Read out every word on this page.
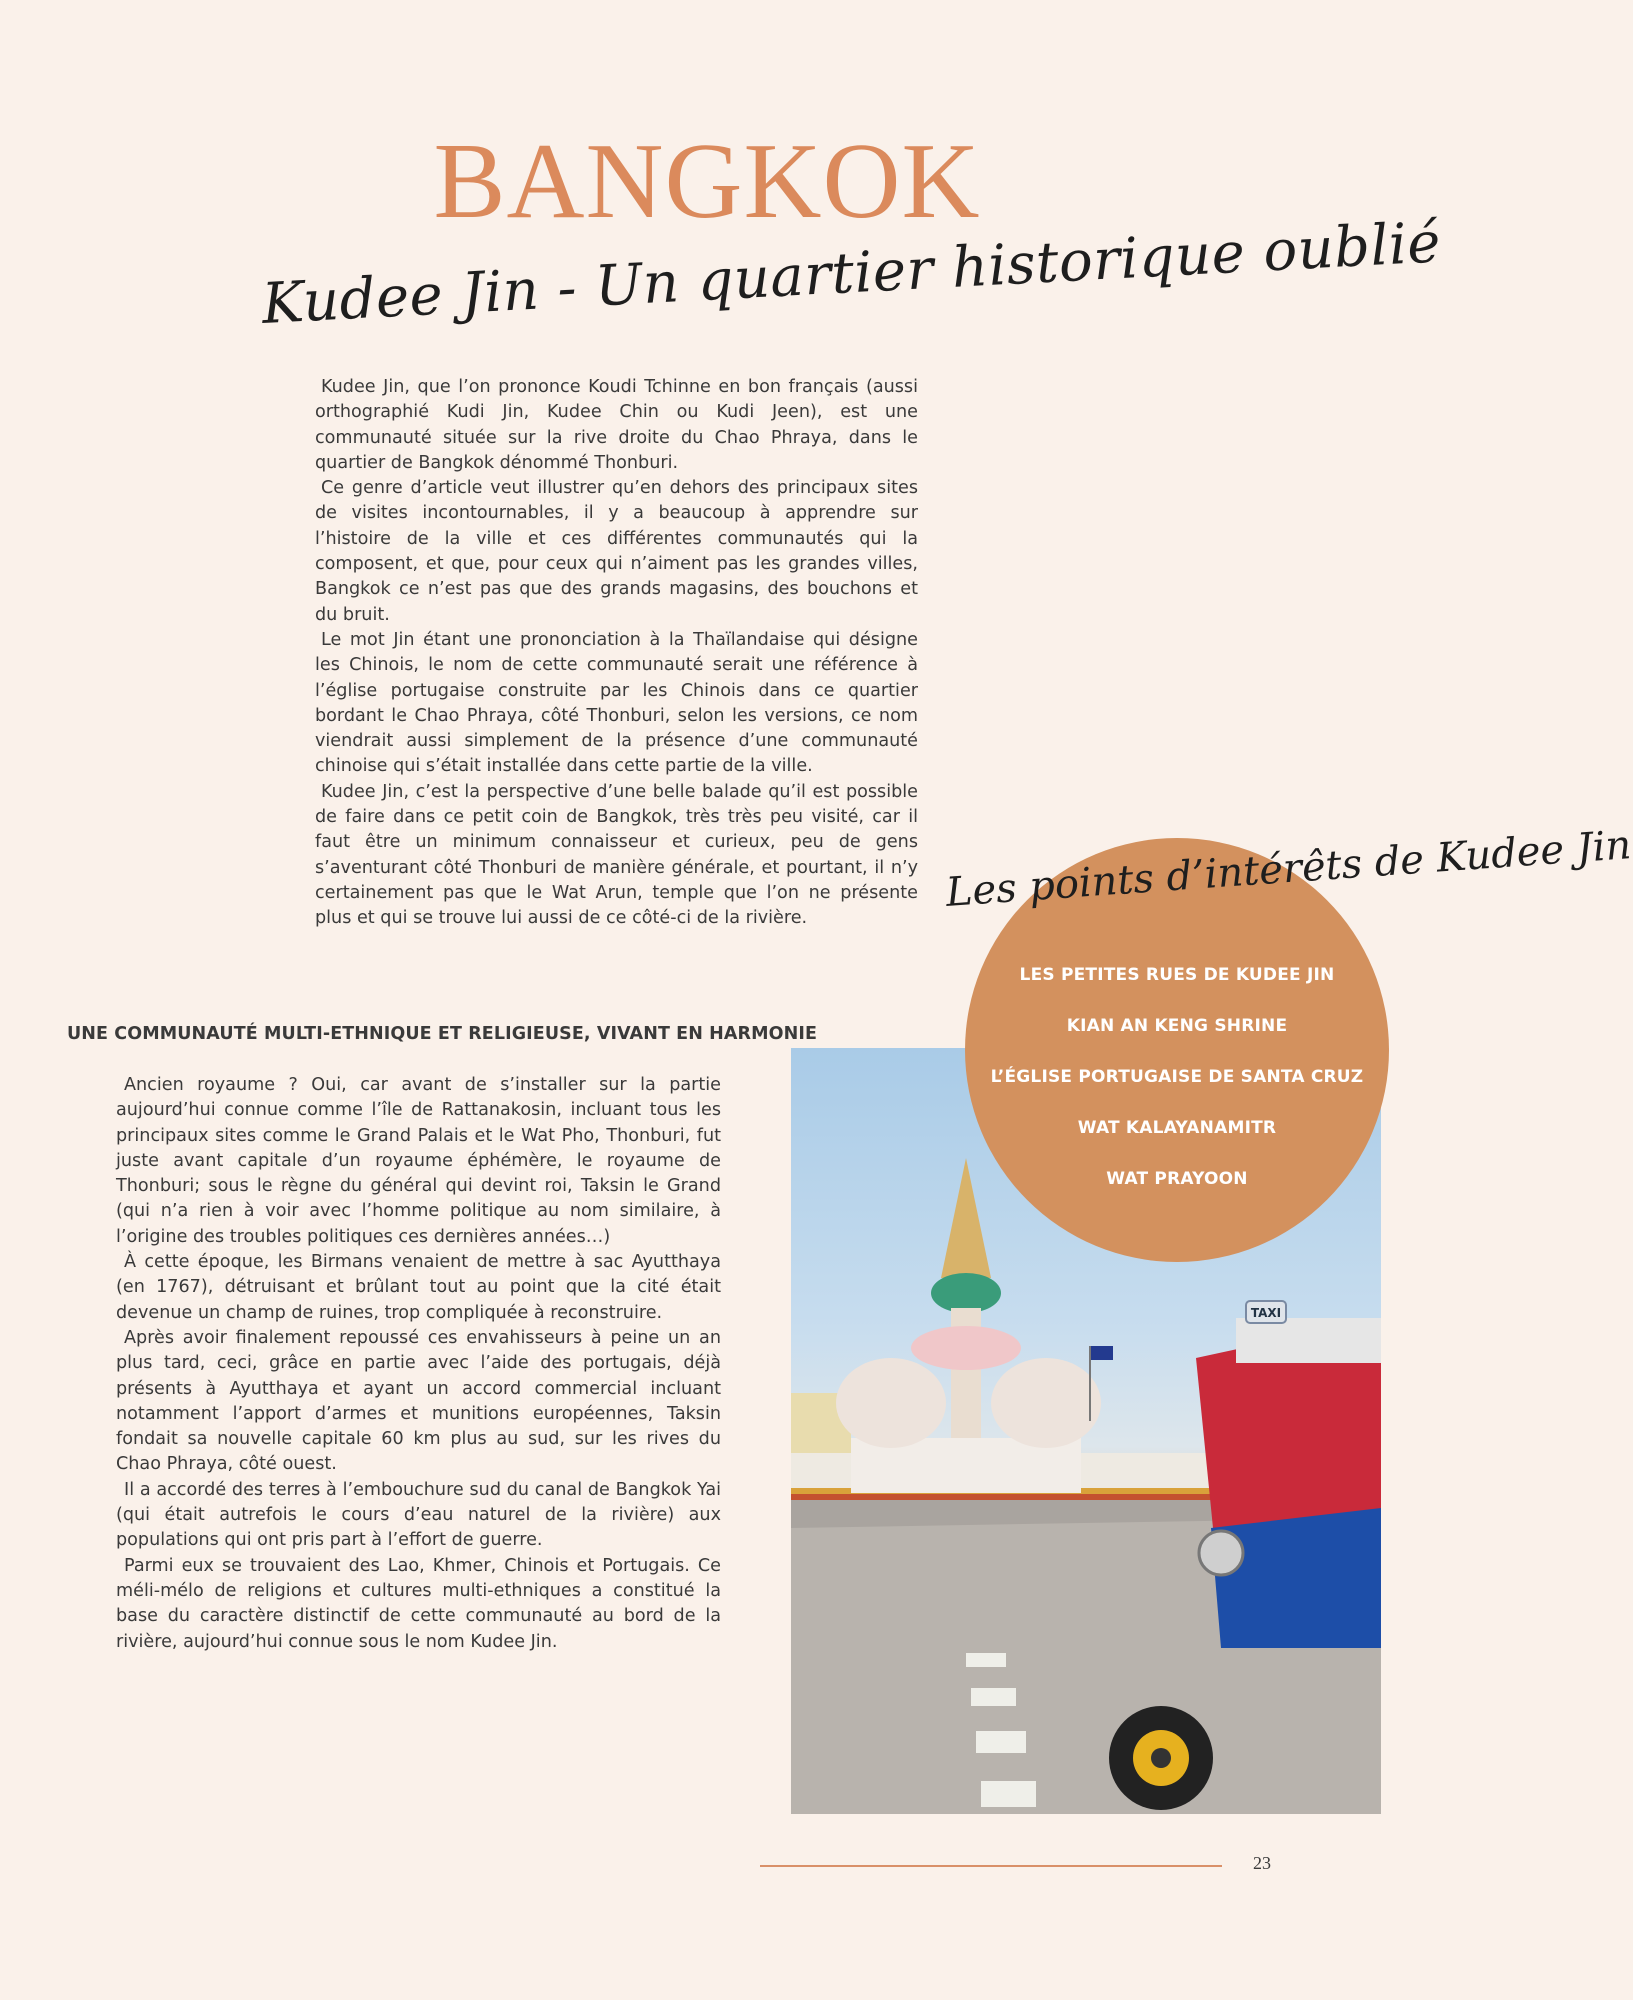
BANGKOK
Kudee Jin - Un quartier historique oublié

Kudee Jin, que l’on prononce Koudi Tchinne en bon français (aussi orthographié Kudi Jin, Kudee Chin ou Kudi Jeen), est une communauté située sur la rive droite du Chao Phraya, dans le quartier de Bangkok dénommé Thonburi.

Ce genre d’article veut illustrer qu’en dehors des principaux sites de visites incontournables, il y a beaucoup à apprendre sur l’histoire de la ville et ces différentes communautés qui la composent, et que, pour ceux qui n’aiment pas les grandes villes, Bangkok ce n’est pas que des grands magasins, des bouchons et du bruit.

Le mot Jin étant une prononciation à la Thaïlandaise qui désigne les Chinois, le nom de cette communauté serait une référence à l’église portugaise construite par les Chinois dans ce quartier bordant le Chao Phraya, côté Thonburi, selon les versions, ce nom viendrait aussi simplement de la présence d’une communauté chinoise qui s’était installée dans cette partie de la ville.

Kudee Jin, c’est la perspective d’une belle balade qu’il est possible de faire dans ce petit coin de Bangkok, très très peu visité, car il faut être un minimum connaisseur et curieux, peu de gens s’aventurant côté Thonburi de manière générale, et pourtant, il n’y certainement pas que le Wat Arun, temple que l’on ne présente plus et qui se trouve lui aussi de ce côté-ci de la rivière.

UNE COMMUNAUTÉ MULTI-ETHNIQUE ET RELIGIEUSE, VIVANT EN HARMONIE

Ancien royaume ? Oui, car avant de s’installer sur la partie aujourd’hui connue comme l’île de Rattanakosin, incluant tous les principaux sites comme le Grand Palais et le Wat Pho, Thonburi, fut juste avant capitale d’un royaume éphémère, le royaume de Thonburi; sous le règne du général qui devint roi, Taksin le Grand (qui n’a rien à voir avec l’homme politique au nom similaire, à l’origine des troubles politiques ces dernières années…)

À cette époque, les Birmans venaient de mettre à sac Ayutthaya (en 1767), détruisant et brûlant tout au point que la cité était devenue un champ de ruines, trop compliquée à reconstruire.

Après avoir finalement repoussé ces envahisseurs à peine un an plus tard, ceci, grâce en partie avec l’aide des portugais, déjà présents à Ayutthaya et ayant un accord commercial incluant notamment l’apport d’armes et munitions européennes, Taksin fondait sa nouvelle capitale 60 km plus au sud, sur les rives du Chao Phraya, côté ouest.

Il a accordé des terres à l’embouchure sud du canal de Bangkok Yai (qui était autrefois le cours d’eau naturel de la rivière) aux populations qui ont pris part à l’effort de guerre.

Parmi eux se trouvaient des Lao, Khmer, Chinois et Portugais. Ce méli-mélo de religions et cultures multi-ethniques a constitué la base du caractère distinctif de cette communauté au bord de la rivière, aujourd’hui connue sous le nom Kudee Jin.

TAXI
LES PETITES RUES DE KUDEE JIN
KIAN AN KENG SHRINE
L’ÉGLISE PORTUGAISE DE SANTA CRUZ
WAT KALAYANAMITR
WAT PRAYOON
Les points d’intérêts de Kudee Jin
23
